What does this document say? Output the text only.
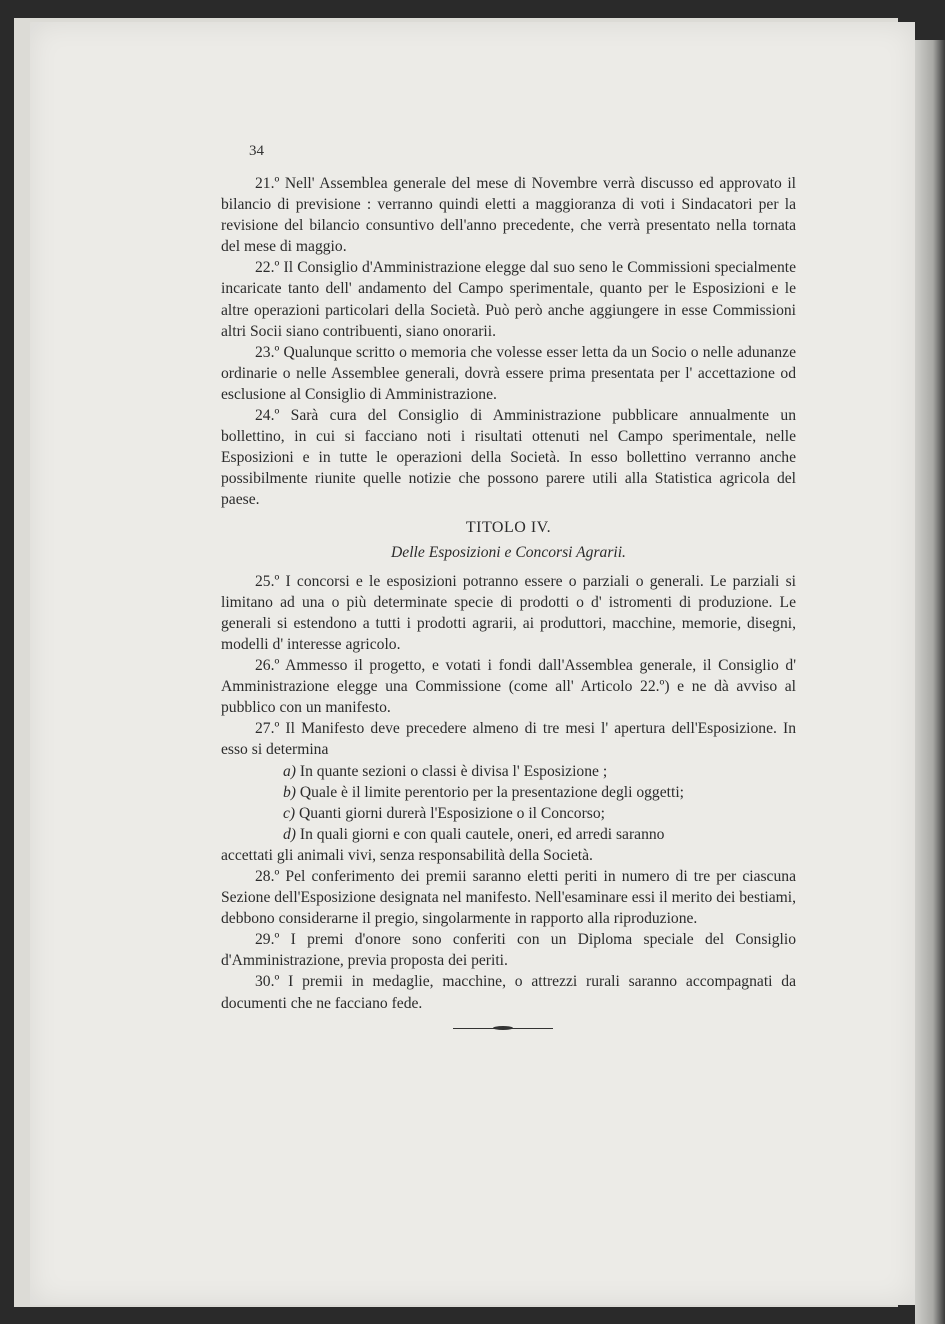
34

21.º Nell' Assemblea generale del mese di Novembre verrà discusso ed approvato il bilancio di previsione : verranno quindi eletti a maggioranza di voti i Sindacatori per la revisione del bilancio consuntivo dell'anno precedente, che verrà presentato nella tornata del mese di maggio.

22.º Il Consiglio d'Amministrazione elegge dal suo seno le Commissioni specialmente incaricate tanto dell' andamento del Campo sperimentale, quanto per le Esposizioni e le altre operazioni particolari della Società. Può però anche aggiungere in esse Commissioni altri Socii siano contribuenti, siano onorarii.

23.º Qualunque scritto o memoria che volesse esser letta da un Socio o nelle adunanze ordinarie o nelle Assemblee generali, dovrà essere prima presentata per l' accettazione od esclusione al Consiglio di Amministrazione.

24.º Sarà cura del Consiglio di Amministrazione pubblicare annualmente un bollettino, in cui si facciano noti i risultati ottenuti nel Campo sperimentale, nelle Esposizioni e in tutte le operazioni della Società. In esso bollettino verranno anche possibilmente riunite quelle notizie che possono parere utili alla Statistica agricola del paese.

TITOLO IV.

Delle Esposizioni e Concorsi Agrarii.

25.º I concorsi e le esposizioni potranno essere o parziali o generali. Le parziali si limitano ad una o più determinate specie di prodotti o d' istromenti di produzione. Le generali si estendono a tutti i prodotti agrarii, ai produttori, macchine, memorie, disegni, modelli d' interesse agricolo.

26.º Ammesso il progetto, e votati i fondi dall'Assemblea generale, il Consiglio d' Amministrazione elegge una Commissione (come all' Articolo 22.º) e ne dà avviso al pubblico con un manifesto.

27.º Il Manifesto deve precedere almeno di tre mesi l' apertura dell'Esposizione. In esso si determina

a) In quante sezioni o classi è divisa l' Esposizione ;

b) Quale è il limite perentorio per la presentazione degli oggetti;

c) Quanti giorni durerà l'Esposizione o il Concorso;

d) In quali giorni e con quali cautele, oneri, ed arredi saranno

accettati gli animali vivi, senza responsabilità della Società.

28.º Pel conferimento dei premii saranno eletti periti in numero di tre per ciascuna Sezione dell'Esposizione designata nel manifesto. Nell'esaminare essi il merito dei bestiami, debbono considerarne il pregio, singolarmente in rapporto alla riproduzione.

29.º I premi d'onore sono conferiti con un Diploma speciale del Consiglio d'Amministrazione, previa proposta dei periti.

30.º I premii in medaglie, macchine, o attrezzi rurali saranno accompagnati da documenti che ne facciano fede.
